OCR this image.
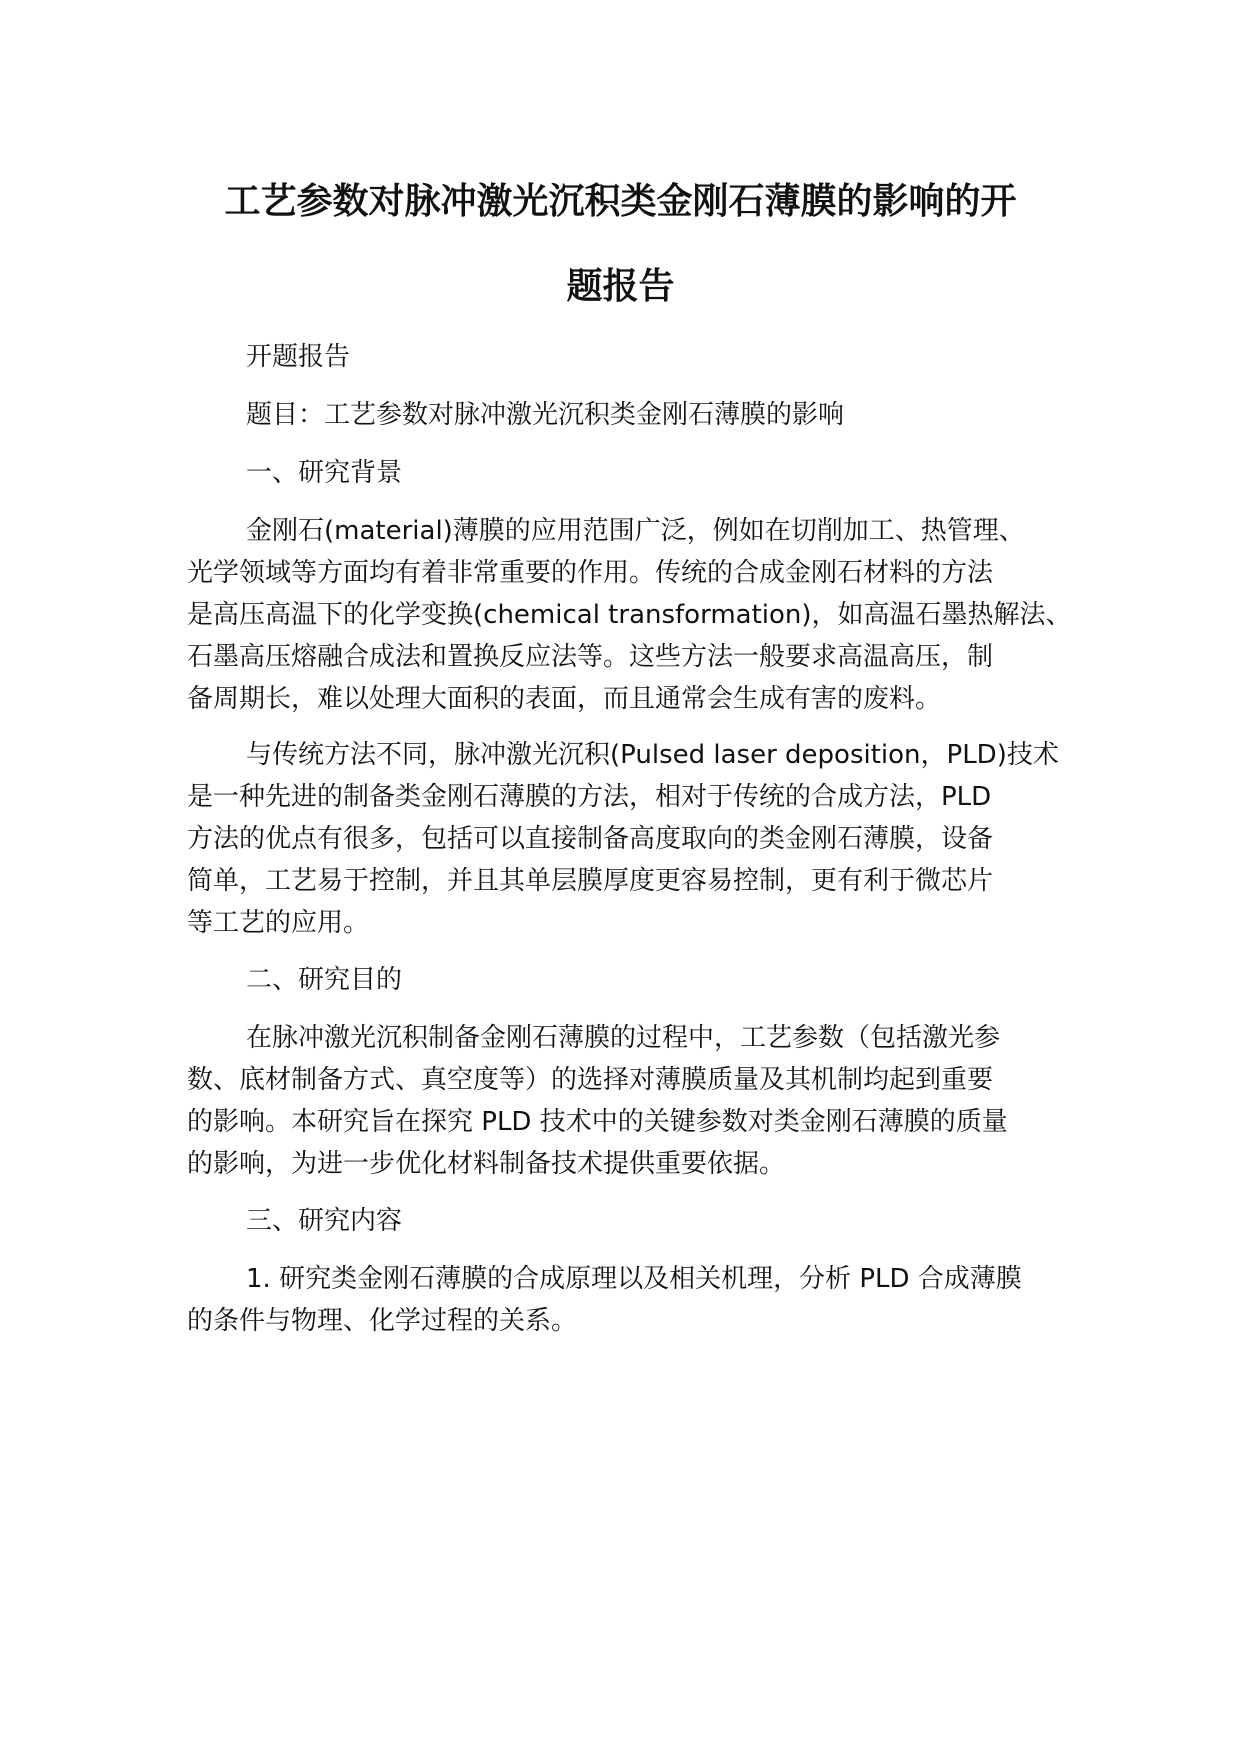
工艺参数对脉冲激光沉积类金刚石薄膜的影响的开
题报告
开题报告
题目：工艺参数对脉冲激光沉积类金刚石薄膜的影响
一、研究背景
金刚石(material)薄膜的应用范围广泛，例如在切削加工、热管理、
光学领域等方面均有着非常重要的作用。传统的合成金刚石材料的方法
是高压高温下的化学变换(chemical transformation)，如高温石墨热解法、
石墨高压熔融合成法和置换反应法等。这些方法一般要求高温高压，制
备周期长，难以处理大面积的表面，而且通常会生成有害的废料。
与传统方法不同，脉冲激光沉积(Pulsed laser deposition，PLD)技术
是一种先进的制备类金刚石薄膜的方法，相对于传统的合成方法，PLD
方法的优点有很多，包括可以直接制备高度取向的类金刚石薄膜，设备
简单，工艺易于控制，并且其单层膜厚度更容易控制，更有利于微芯片
等工艺的应用。
二、研究目的
在脉冲激光沉积制备金刚石薄膜的过程中，工艺参数（包括激光参
数、底材制备方式、真空度等）的选择对薄膜质量及其机制均起到重要
的影响。本研究旨在探究 PLD 技术中的关键参数对类金刚石薄膜的质量
的影响，为进一步优化材料制备技术提供重要依据。
三、研究内容
1. 研究类金刚石薄膜的合成原理以及相关机理，分析 PLD 合成薄膜
的条件与物理、化学过程的关系。
